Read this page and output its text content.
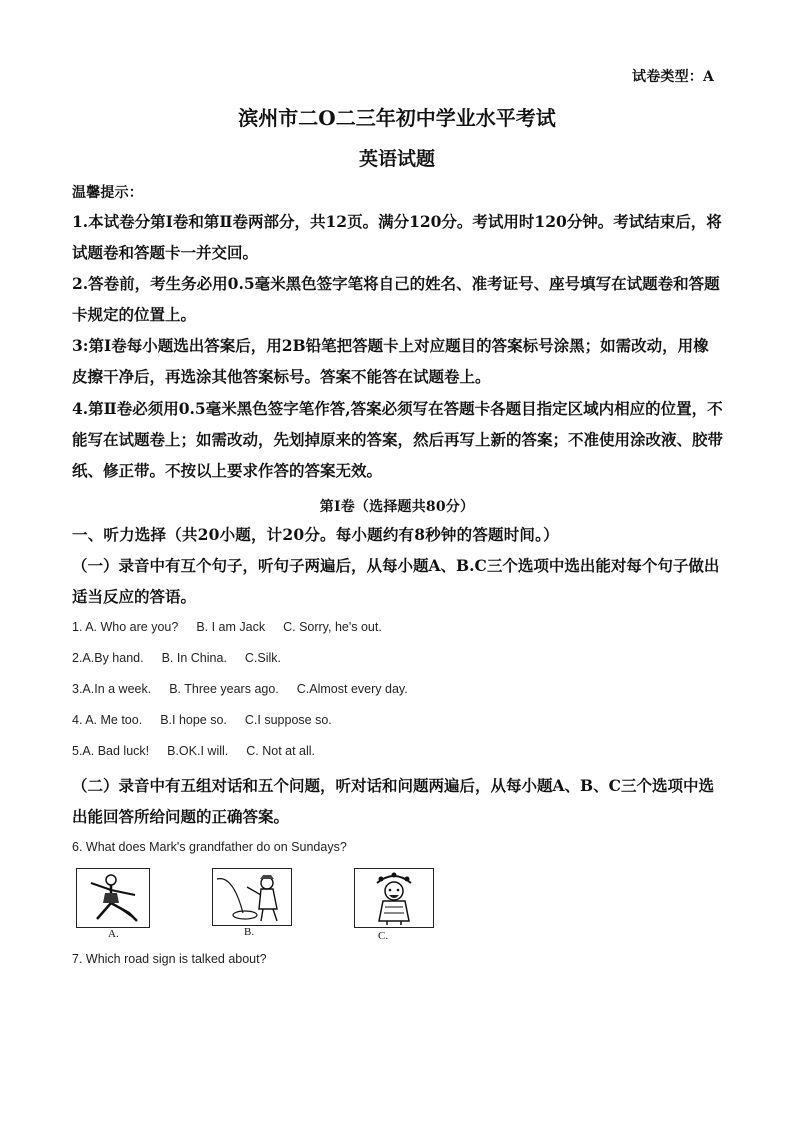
试卷类型：A
滨州市二O二三年初中学业水平考试
英语试题
温馨提示：
1.本试卷分第Ⅰ卷和第Ⅱ卷两部分，共12页。满分120分。考试用时120分钟。考试结束后，将试题卷和答题卡一并交回。
2.答卷前，考生务必用0.5毫米黑色签字笔将自己的姓名、准考证号、座号填写在试题卷和答题卡规定的位置上。
3:第Ⅰ卷每小题选出答案后，用2B铅笔把答题卡上对应题目的答案标号涂黑；如需改动，用橡皮擦干净后，再选涂其他答案标号。答案不能答在试题卷上。
4.第Ⅱ卷必须用0.5毫米黑色签字笔作答,答案必须写在答题卡各题目指定区域内相应的位置，不能写在试题卷上；如需改动，先划掉原来的答案，然后再写上新的答案；不准使用涂改液、胶带纸、修正带。不按以上要求作答的答案无效。
第Ⅰ卷（选择题共80分）
一、听力选择（共20小题，计20分。每小题约有8秒钟的答题时间。）
（一）录音中有互个句子，听句子两遍后，从每小题A、B.C三个选项中选出能对每个句子做出适当反应的答语。
1. A. Who are you? B. I am Jack C. Sorry, he's out.
2.A.By hand. B. In China. C.Silk.
3.A.In a week. B. Three years ago. C.Almost every day.
4. A. Me too. B.I hope so. C.I suppose so.
5.A. Bad luck! B.OK.I will. C. Not at all.
（二）录音中有五组对话和五个问题，听对话和问题两遍后，从每小题A、B、C三个选项中选出能回答所给问题的正确答案。
6. What does Mark's grandfather do on Sundays?
A.	B.	C.
7. Which road sign is talked about?
